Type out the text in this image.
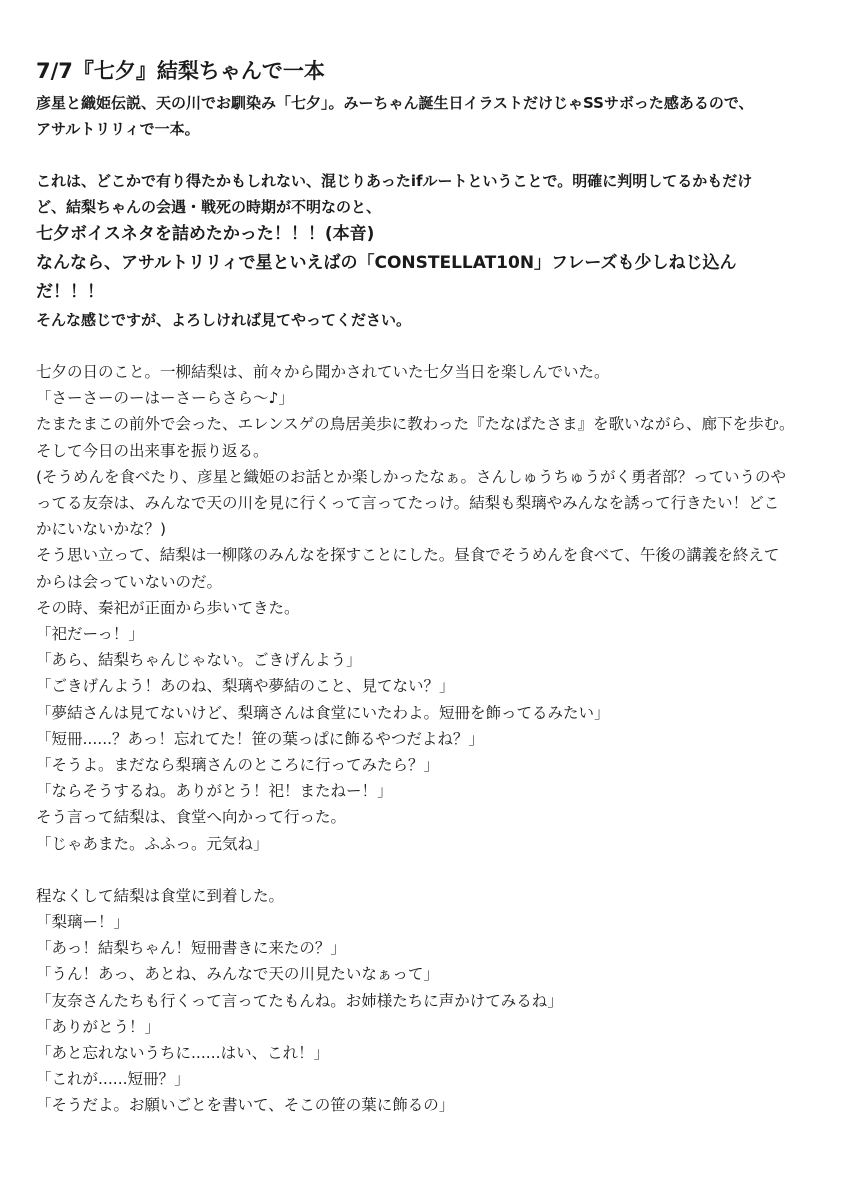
7/7『七夕』結梨ちゃんで一本

彦星と織姫伝説、天の川でお馴染み「七夕」。みーちゃん誕生日イラストだけじゃSSサボった感あるので、

アサルトリリィで一本。

これは、どこかで有り得たかもしれない、混じりあったifルートということで。明確に判明してるかもだけ

ど、結梨ちゃんの会遇・戦死の時期が不明なのと、

七夕ボイスネタを詰めたかった！！！(本音)

なんなら、アサルトリリィで星といえばの「CONSTELLAT10N」フレーズも少しねじ込ん

だ！！！

そんな感じですが、よろしければ見てやってください。

七夕の日のこと。一柳結梨は、前々から聞かされていた七夕当日を楽しんでいた。

「さーさーのーはーさーらさら〜♪」

たまたまこの前外で会った、エレンスゲの鳥居美歩に教わった『たなばたさま』を歌いながら、廊下を歩む。

そして今日の出来事を振り返る。

(そうめんを食べたり、彦星と織姫のお話とか楽しかったなぁ。さんしゅうちゅうがく勇者部？っていうのや

ってる友奈は、みんなで天の川を見に行くって言ってたっけ。結梨も梨璃やみんなを誘って行きたい！どこ

かにいないかな？)

そう思い立って、結梨は一柳隊のみんなを探すことにした。昼食でそうめんを食べて、午後の講義を終えて

からは会っていないのだ。

その時、秦祀が正面から歩いてきた。

「祀だーっ！」

「あら、結梨ちゃんじゃない。ごきげんよう」

「ごきげんよう！あのね、梨璃や夢結のこと、見てない？」

「夢結さんは見てないけど、梨璃さんは食堂にいたわよ。短冊を飾ってるみたい」

「短冊......？あっ！忘れてた！笹の葉っぱに飾るやつだよね？」

「そうよ。まだなら梨璃さんのところに行ってみたら？」

「ならそうするね。ありがとう！祀！またねー！」

そう言って結梨は、食堂へ向かって行った。

「じゃあまた。ふふっ。元気ね」

程なくして結梨は食堂に到着した。

「梨璃ー！」

「あっ！結梨ちゃん！短冊書きに来たの？」

「うん！あっ、あとね、みんなで天の川見たいなぁって」

「友奈さんたちも行くって言ってたもんね。お姉様たちに声かけてみるね」

「ありがとう！」

「あと忘れないうちに......はい、これ！」

「これが......短冊？」

「そうだよ。お願いごとを書いて、そこの笹の葉に飾るの」
